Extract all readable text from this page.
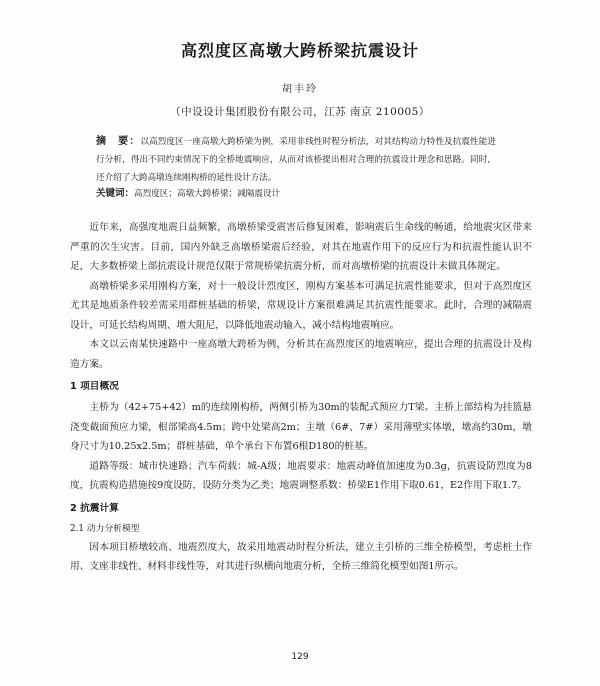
高烈度区高墩大跨桥梁抗震设计
胡丰玲
（中设设计集团股份有限公司，江苏 南京 210005）
摘　要：以高烈度区一座高墩大跨桥梁为例，采用非线性时程分析法，对其结构动力特性及抗震性能进行分析，得出不同约束情况下的全桥地震响应，从而对该桥提出相对合理的抗震设计理念和思路。同时，还介绍了大跨高墩连续刚构桥的延性设计方法。
关键词：高烈度区；高墩大跨桥梁；减隔震设计

近年来，高强度地震日益频繁，高墩桥梁受震害后修复困难，影响震后生命线的畅通，给地震灾区带来严重的次生灾害。目前，国内外缺乏高墩桥梁震后经验，对其在地震作用下的反应行为和抗震性能认识不足，大多数桥梁上部抗震设计规范仅限于常规桥梁抗震分析，而对高墩桥梁的抗震设计未做具体规定。

高墩桥梁多采用刚构方案，对十一般设计烈度区，刚构方案基本可满足抗震性能要求，但对于高烈度区尤其是地质条件较差需采用群桩基础的桥梁，常规设计方案很难满足其抗震性能要求。此时，合理的减隔震设计，可延长结构周期、增大阻尼，以降低地震动输入，减小结构地震响应。

本文以云南某快速路中一座高墩大跨桥为例，分析其在高烈度区的地震响应，提出合理的抗震设计及构造方案。

1 项目概况

主桥为（42+75+42）m的连续刚构桥，两侧引桥为30m的装配式预应力T梁。主桥上部结构为挂篮悬浇变截面预应力梁，根部梁高4.5m；跨中处梁高2m；主墩（6#、7#）采用薄壁实体墩，墩高约30m，墩身尺寸为10.25x2.5m；群桩基础，单个承台下布置6根D180的桩基。

道路等级：城市快速路；汽车荷载：城-A级；地震要求：地震动峰值加速度为0.3g，抗震设防烈度为8度，抗震构造措施按9度设防，设防分类为乙类；地震调整系数：桥梁E1作用下取0.61，E2作用下取1.7。

2 抗震计算
2.1 动力分析模型

因本项目桥墩较高、地震烈度大，故采用地震动时程分析法，建立主引桥的三维全桥模型，考虑桩土作用、支座非线性、材料非线性等，对其进行纵横向地震分析，全桥三维简化模型如图1所示。

129
